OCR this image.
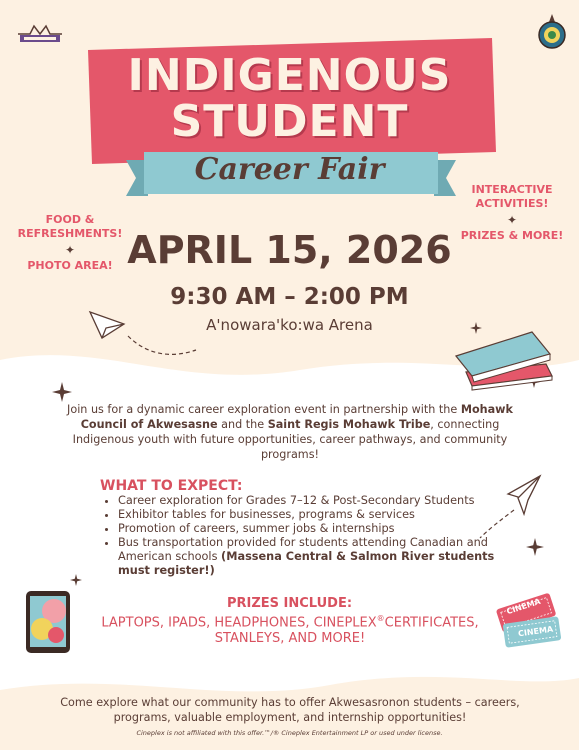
INDIGENOUS
STUDENT
Career Fair
FOOD & REFRESHMENTS!
✦
PHOTO AREA!
INTERACTIVE ACTIVITIES!
✦
PRIZES & MORE!
APRIL 15, 2026
9:30 AM – 2:00 PM
A'nowara'ko:wa Arena
Join us for a dynamic career exploration event in partnership with the Mohawk Council of Akwesasne and the Saint Regis Mohawk Tribe, connecting Indigenous youth with future opportunities, career pathways, and community programs!
WHAT TO EXPECT:
• Career exploration for Grades 7–12 & Post-Secondary Students
• Exhibitor tables for businesses, programs & services
• Promotion of careers, summer jobs & internships
• Bus transportation provided for students attending Canadian and American schools (Massena Central & Salmon River students must register!)
PRIZES INCLUDE:
LAPTOPS, IPADS, HEADPHONES, CINEPLEX®CERTIFICATES, STANLEYS, AND MORE!
CINEMA
CINEMA
Come explore what our community has to offer Akwesasronon students – careers, programs, valuable employment, and internship opportunities!
Cineplex is not affiliated with this offer.™/® Cineplex Entertainment LP or used under license.
